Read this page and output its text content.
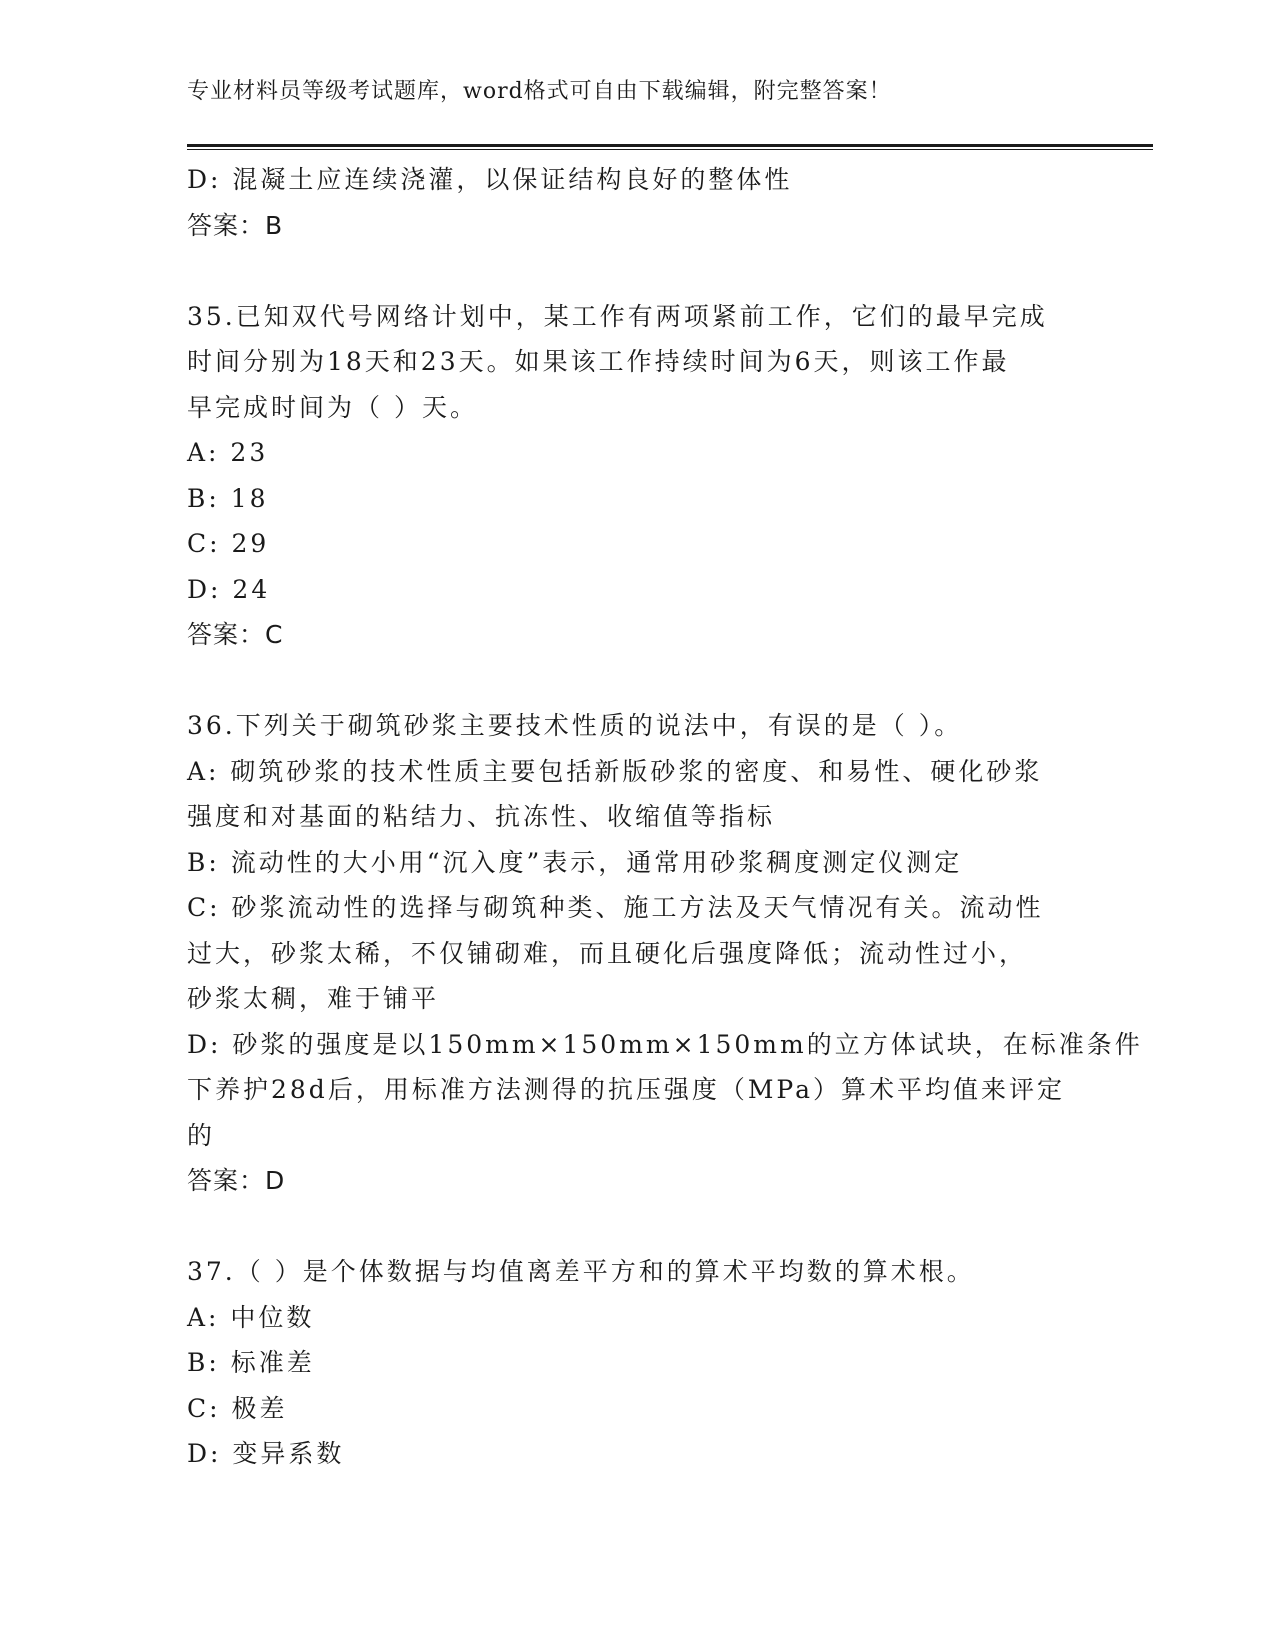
专业材料员等级考试题库，word格式可自由下载编辑，附完整答案！
D: 混凝土应连续浇灌，以保证结构良好的整体性
答案：B
35.已知双代号网络计划中，某工作有两项紧前工作，它们的最早完成
时间分别为18天和23天。如果该工作持续时间为6天，则该工作最
早完成时间为（ ）天。
A: 23
B: 18
C: 29
D: 24
答案：C
36.下列关于砌筑砂浆主要技术性质的说法中，有误的是（ ）。
A: 砌筑砂浆的技术性质主要包括新版砂浆的密度、和易性、硬化砂浆
强度和对基面的粘结力、抗冻性、收缩值等指标
B: 流动性的大小用“沉入度”表示，通常用砂浆稠度测定仪测定
C: 砂浆流动性的选择与砌筑种类、施工方法及天气情况有关。流动性
过大，砂浆太稀，不仅铺砌难，而且硬化后强度降低；流动性过小，
砂浆太稠，难于铺平
D: 砂浆的强度是以150mm×150mm×150mm的立方体试块，在标准条件
下养护28d后，用标准方法测得的抗压强度（MPa）算术平均值来评定
的
答案：D
37.（ ）是个体数据与均值离差平方和的算术平均数的算术根。
A: 中位数
B: 标准差
C: 极差
D: 变异系数
